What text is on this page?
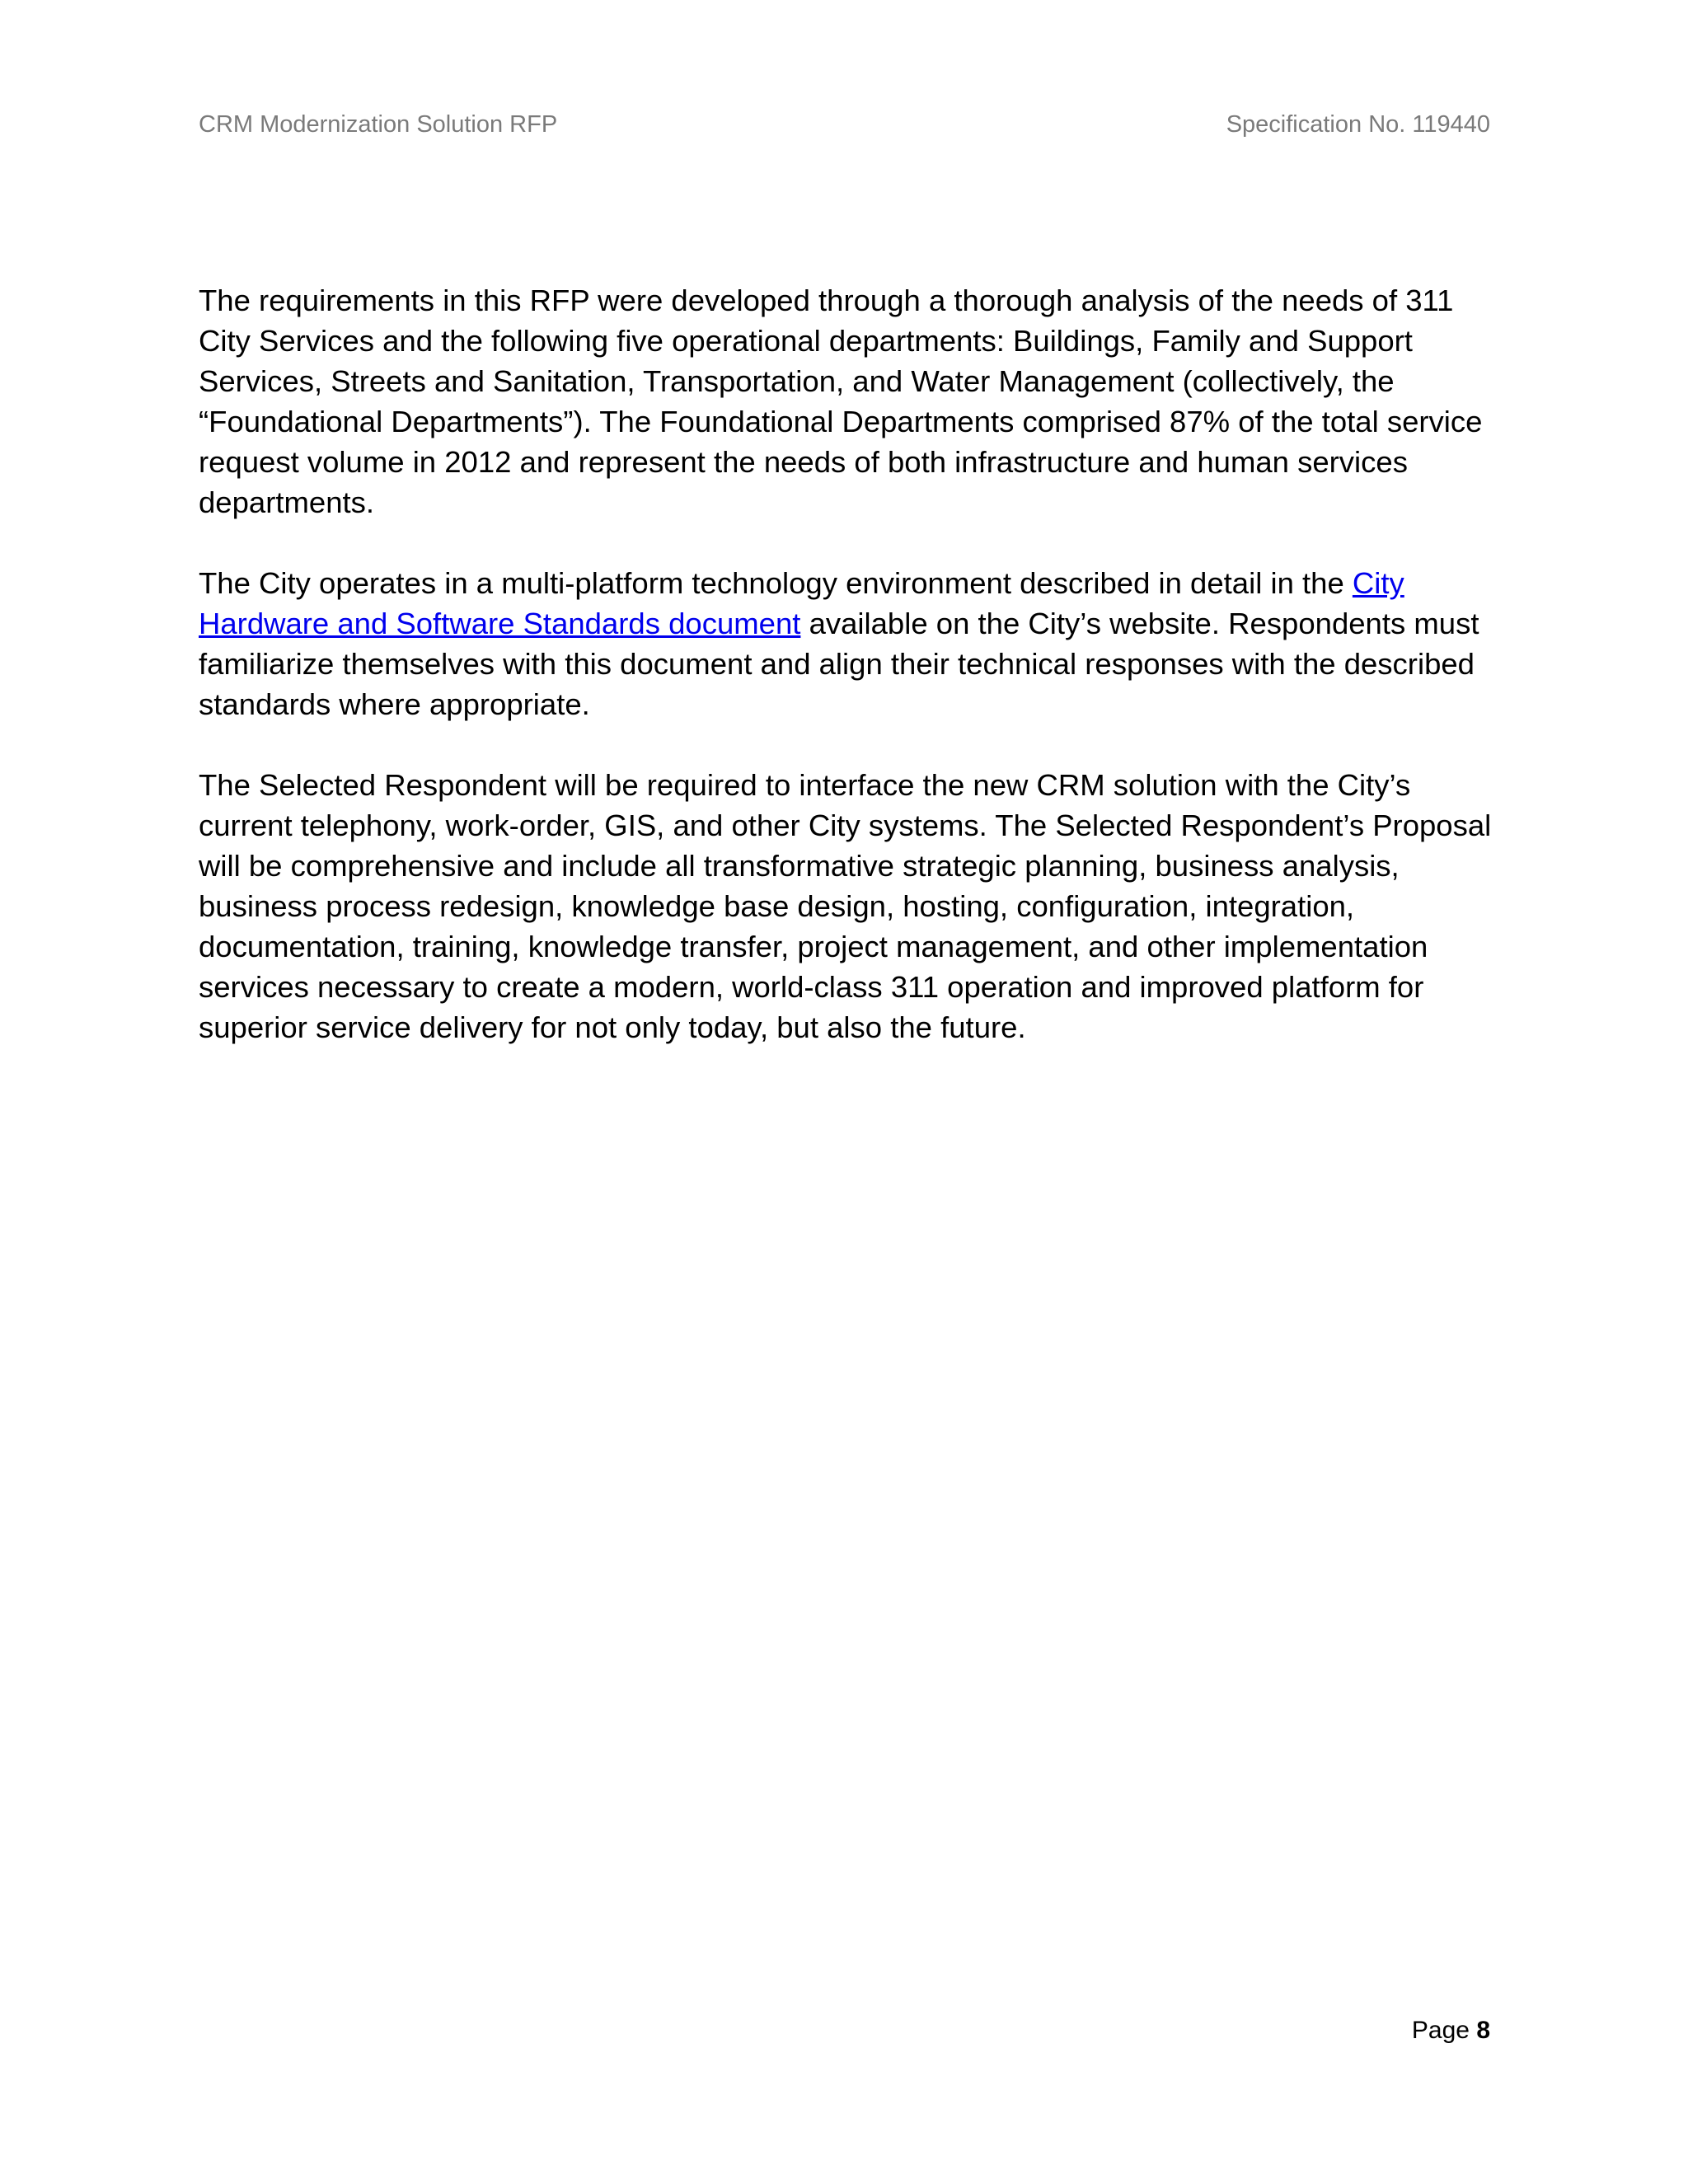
CRM Modernization Solution RFP	Specification No. 119440

The requirements in this RFP were developed through a thorough analysis of the needs of 311 City Services and the following five operational departments: Buildings, Family and Support Services, Streets and Sanitation, Transportation, and Water Management (collectively, the “Foundational Departments”). The Foundational Departments comprised 87% of the total service request volume in 2012 and represent the needs of both infrastructure and human services departments.

The City operates in a multi-platform technology environment described in detail in the City Hardware and Software Standards document available on the City’s website. Respondents must familiarize themselves with this document and align their technical responses with the described standards where appropriate.

The Selected Respondent will be required to interface the new CRM solution with the City’s current telephony, work-order, GIS, and other City systems. The Selected Respondent’s Proposal will be comprehensive and include all transformative strategic planning, business analysis, business process redesign, knowledge base design, hosting, configuration, integration, documentation, training, knowledge transfer, project management, and other implementation services necessary to create a modern, world-class 311 operation and improved platform for superior service delivery for not only today, but also the future.

Page 8
